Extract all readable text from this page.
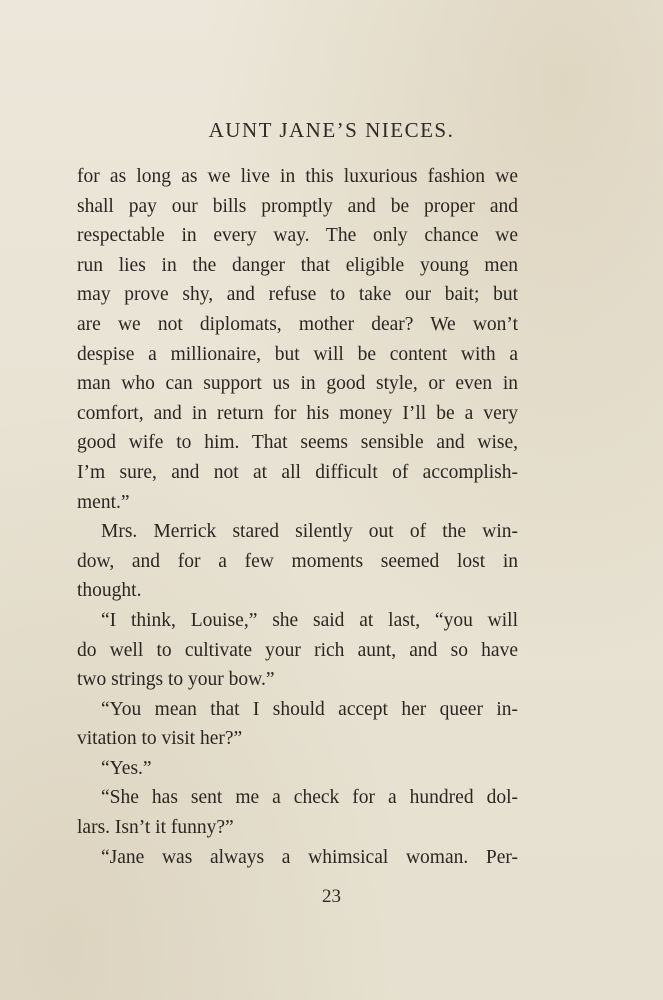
AUNT JANE’S NIECES.
for as long as we live in this luxurious fashion we
shall pay our bills promptly and be proper and
respectable in every way. The only chance we
run lies in the danger that eligible young men
may prove shy, and refuse to take our bait; but
are we not diplomats, mother dear? We won’t
despise a millionaire, but will be content with a
man who can support us in good style, or even in
comfort, and in return for his money I’ll be a very
good wife to him. That seems sensible and wise,
I’m sure, and not at all difficult of accomplish-
ment.”
Mrs. Merrick stared silently out of the win-
dow, and for a few moments seemed lost in
thought.
“I think, Louise,” she said at last, “you will
do well to cultivate your rich aunt, and so have
two strings to your bow.”
“You mean that I should accept her queer in-
vitation to visit her?”
“Yes.”
“She has sent me a check for a hundred dol-
lars. Isn’t it funny?”
“Jane was always a whimsical woman. Per-
23
